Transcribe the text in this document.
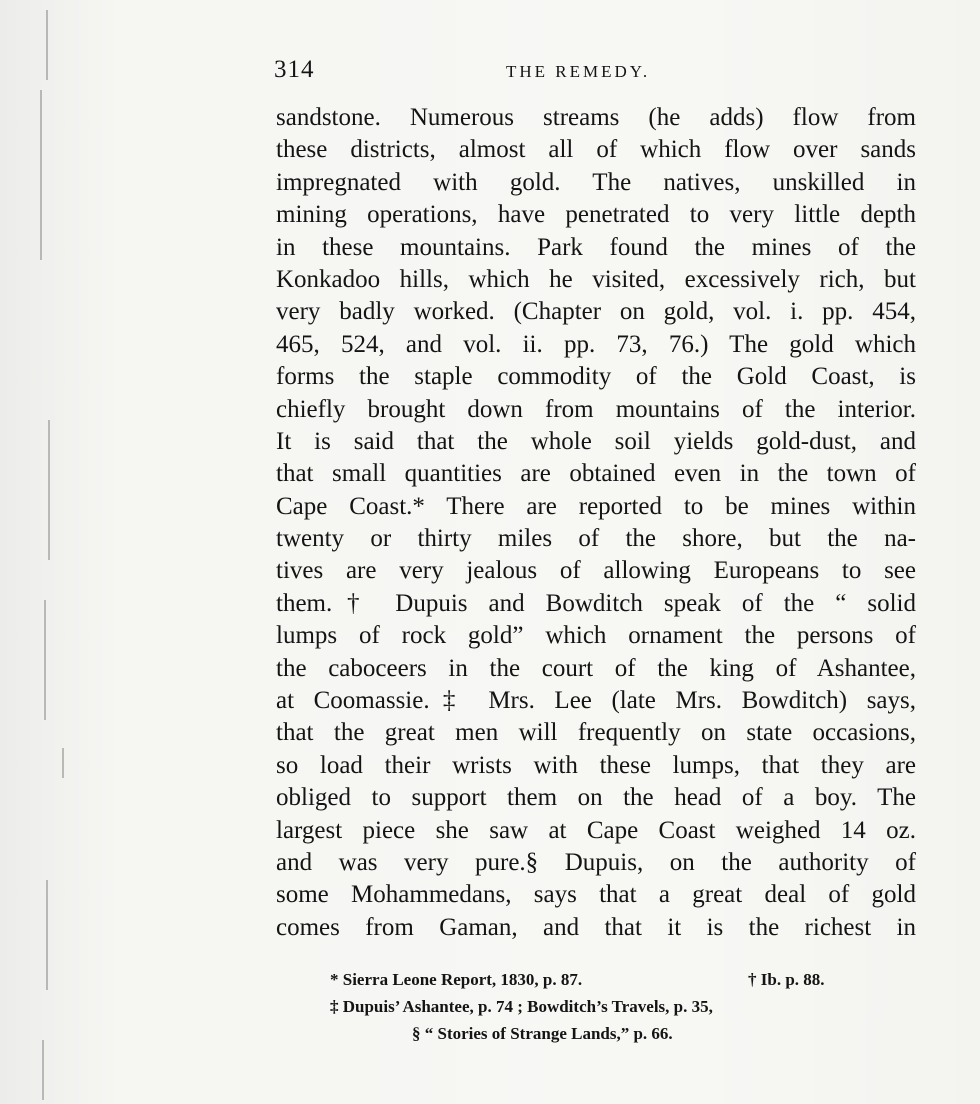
314	THE REMEDY.
sandstone. Numerous streams (he adds) flow from
these districts, almost all of which flow over sands
impregnated with gold. The natives, unskilled in
mining operations, have penetrated to very little depth
in these mountains. Park found the mines of the
Konkadoo hills, which he visited, excessively rich, but
very badly worked. (Chapter on gold, vol. i. pp. 454,
465, 524, and vol. ii. pp. 73, 76.) The gold which
forms the staple commodity of the Gold Coast, is
chiefly brought down from mountains of the interior.
It is said that the whole soil yields gold-dust, and
that small quantities are obtained even in the town of
Cape Coast.* There are reported to be mines within
twenty or thirty miles of the shore, but the na-
tives are very jealous of allowing Europeans to see
them.† Dupuis and Bowditch speak of the “ solid
lumps of rock gold” which ornament the persons of
the caboceers in the court of the king of Ashantee,
at Coomassie.‡ Mrs. Lee (late Mrs. Bowditch) says,
that the great men will frequently on state occasions,
so load their wrists with these lumps, that they are
obliged to support them on the head of a boy. The
largest piece she saw at Cape Coast weighed 14 oz.
and was very pure.§ Dupuis, on the authority of
some Mohammedans, says that a great deal of gold
comes from Gaman, and that it is the richest in
* Sierra Leone Report, 1830, p. 87.	† Ib. p. 88.
‡ Dupuis’ Ashantee, p. 74 ; Bowditch’s Travels, p. 35,
§ “ Stories of Strange Lands,” p. 66.
